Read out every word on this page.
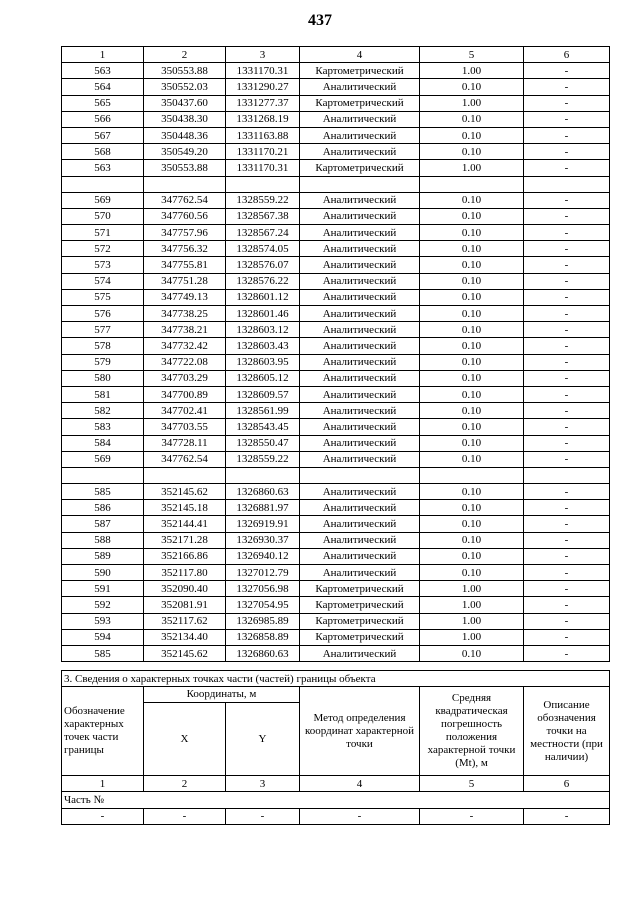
437
1	2	3	4	5	6
563	350553.88	1331170.31	Картометрический	1.00	-
564	350552.03	1331290.27	Аналитический	0.10	-
565	350437.60	1331277.37	Картометрический	1.00	-
566	350438.30	1331268.19	Аналитический	0.10	-
567	350448.36	1331163.88	Аналитический	0.10	-
568	350549.20	1331170.21	Аналитический	0.10	-
563	350553.88	1331170.31	Картометрический	1.00	-

569	347762.54	1328559.22	Аналитический	0.10	-
570	347760.56	1328567.38	Аналитический	0.10	-
571	347757.96	1328567.24	Аналитический	0.10	-
572	347756.32	1328574.05	Аналитический	0.10	-
573	347755.81	1328576.07	Аналитический	0.10	-
574	347751.28	1328576.22	Аналитический	0.10	-
575	347749.13	1328601.12	Аналитический	0.10	-
576	347738.25	1328601.46	Аналитический	0.10	-
577	347738.21	1328603.12	Аналитический	0.10	-
578	347732.42	1328603.43	Аналитический	0.10	-
579	347722.08	1328603.95	Аналитический	0.10	-
580	347703.29	1328605.12	Аналитический	0.10	-
581	347700.89	1328609.57	Аналитический	0.10	-
582	347702.41	1328561.99	Аналитический	0.10	-
583	347703.55	1328543.45	Аналитический	0.10	-
584	347728.11	1328550.47	Аналитический	0.10	-
569	347762.54	1328559.22	Аналитический	0.10	-

585	352145.62	1326860.63	Аналитический	0.10	-
586	352145.18	1326881.97	Аналитический	0.10	-
587	352144.41	1326919.91	Аналитический	0.10	-
588	352171.28	1326930.37	Аналитический	0.10	-
589	352166.86	1326940.12	Аналитический	0.10	-
590	352117.80	1327012.79	Аналитический	0.10	-
591	352090.40	1327056.98	Картометрический	1.00	-
592	352081.91	1327054.95	Картометрический	1.00	-
593	352117.62	1326985.89	Картометрический	1.00	-
594	352134.40	1326858.89	Картометрический	1.00	-
585	352145.62	1326860.63	Аналитический	0.10	-
3. Сведения о характерных точках части (частей) границы объекта					
Обозначение характерных точек части границы	Координаты, м		Метод определения координат характерной точки	Средняя квадратическая погрешность положения характерной точки (Mt), м	Описание обозначения точки на местности (при наличии)
	X	Y			
1	2	3	4	5	6
Часть №					
-	-	-	-	-	-
